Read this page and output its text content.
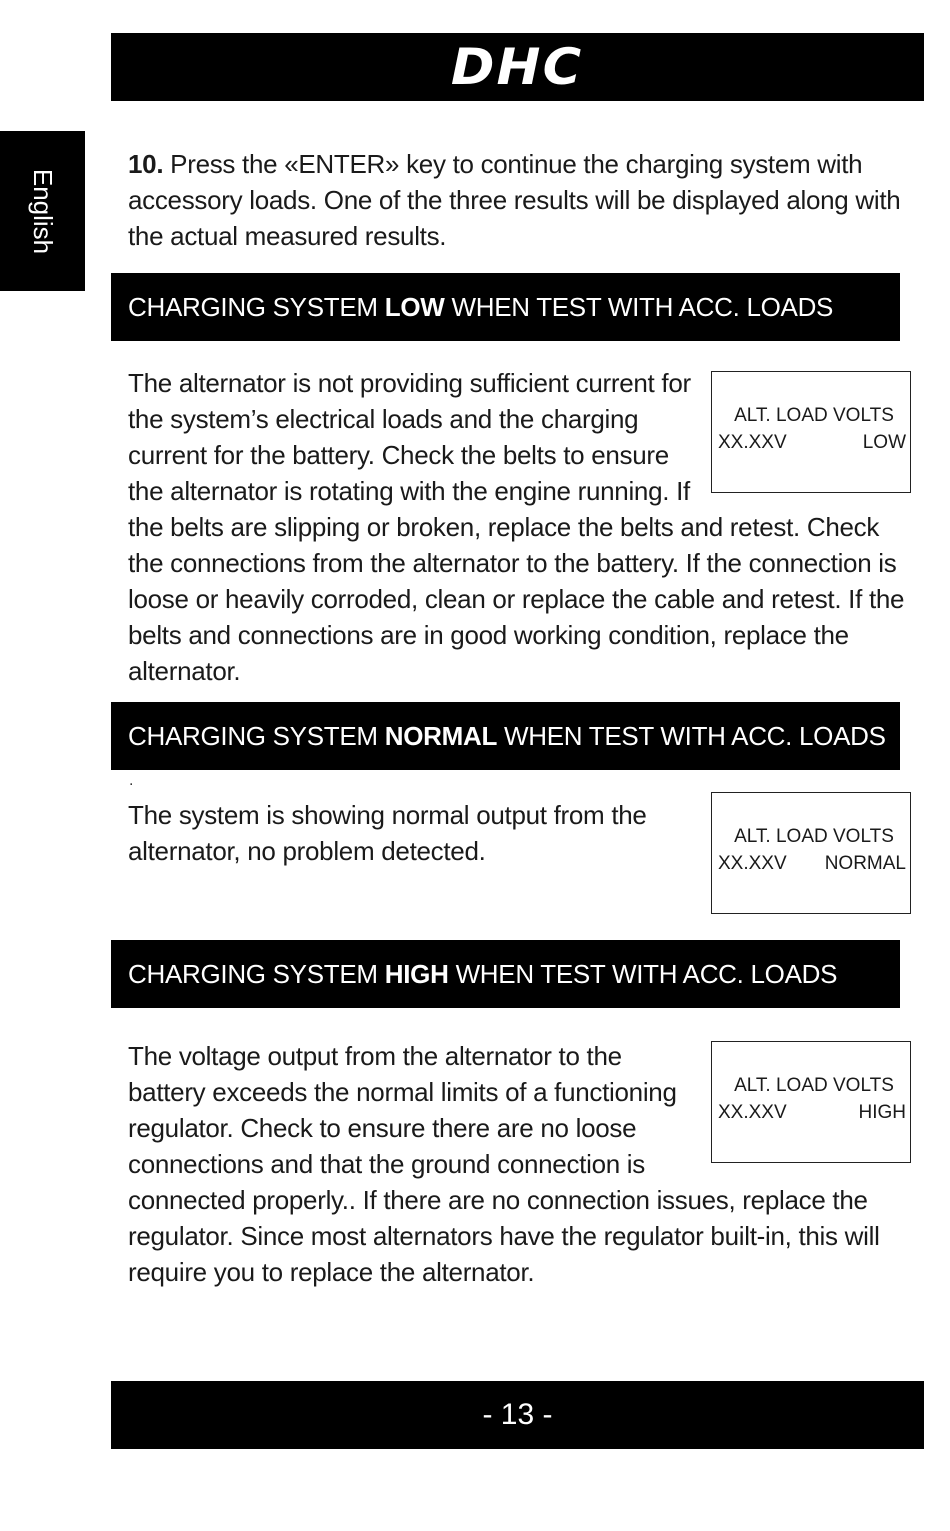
DHC
English
10. Press the «ENTER» key to continue the charging system with accessory loads. One of the three results will be displayed along with the actual measured results.
CHARGING SYSTEM LOW WHEN TEST WITH ACC. LOADS
The alternator is not providing sufficient current for the system’s electrical loads and the charging current for the battery. Check the belts to ensure the alternator is rotating with the engine running. If the belts are slipping or broken, replace the belts and retest. Check the connections from the alternator to the battery. If the connection is loose or heavily corroded, clean or replace the cable and retest. If the belts and connections are in good working condition, replace the alternator.
ALT. LOAD VOLTS
XX.XXV	LOW
CHARGING SYSTEM NORMAL WHEN TEST WITH ACC. LOADS
.
The system is showing normal output from the alternator, no problem detected.	ALT. LOAD VOLTS
XX.XXV NORMAL
CHARGING SYSTEM HIGH WHEN TEST WITH ACC. LOADS
The voltage output from the alternator to the battery exceeds the normal limits of a functioning regulator. Check to ensure there are no loose connections and that the ground connection is connected properly.. If there are no connection issues, replace the regulator. Since most alternators have the regulator built-in, this will require you to replace the alternator.
ALT. LOAD VOLTS
XX.XXV	HIGH
- 13 -
